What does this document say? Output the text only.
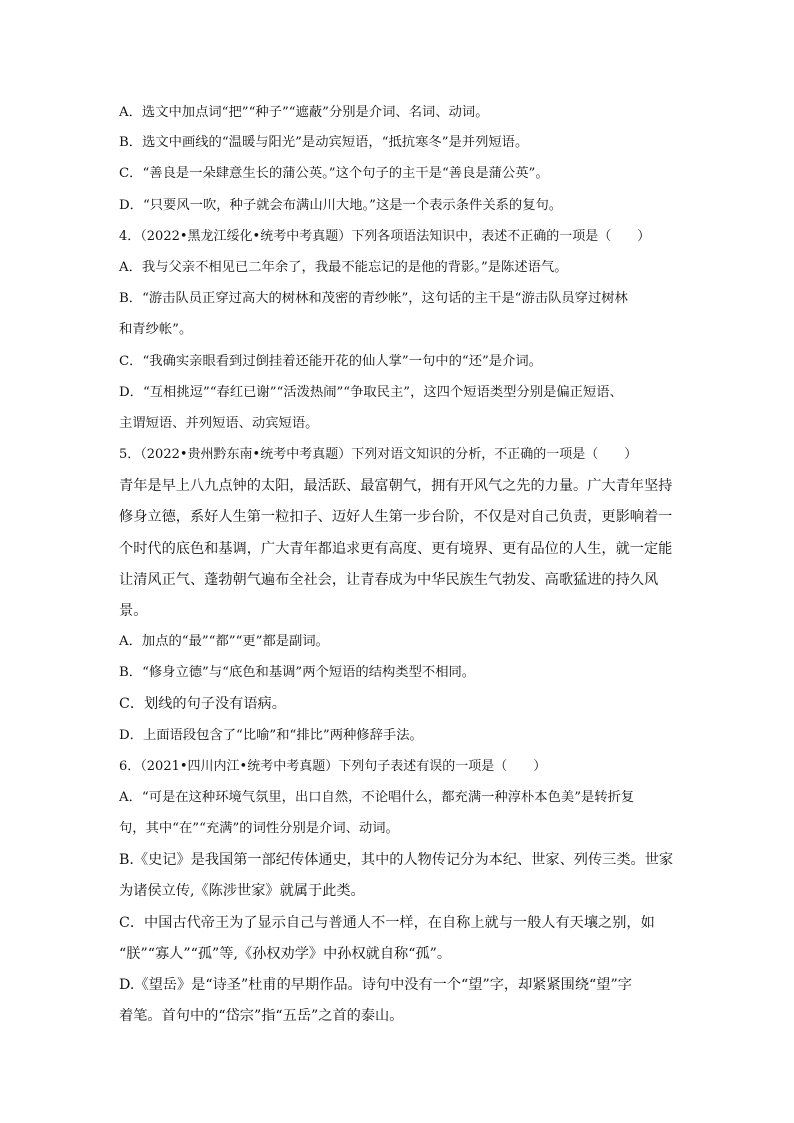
A．选文中加点词“把”“种子”“遮蔽”分别是介词、名词、动词。
B．选文中画线的“温暖与阳光”是动宾短语，“抵抗寒冬”是并列短语。
C．“善良是一朵肆意生长的蒲公英。”这个句子的主干是“善良是蒲公英”。
D．“只要风一吹，种子就会布满山川大地。”这是一个表示条件关系的复句。
4．（2022•黑龙江绥化•统考中考真题）下列各项语法知识中，表述不正确的一项是（　　）
A．我与父亲不相见已二年余了，我最不能忘记的是他的背影。”是陈述语气。
B．“游击队员正穿过高大的树林和茂密的青纱帐”，这句话的主干是“游击队员穿过树林
和青纱帐”。
C．“我确实亲眼看到过倒挂着还能开花的仙人掌”一句中的“还”是介词。
D．“互相挑逗”“春红已谢”“活泼热闹”“争取民主”，这四个短语类型分别是偏正短语、
主谓短语、并列短语、动宾短语。
5．（2022•贵州黔东南•统考中考真题）下列对语文知识的分析，不正确的一项是（　　）
青年是早上八九点钟的太阳，最活跃、最富朝气，拥有开风气之先的力量。广大青年坚持
修身立德，系好人生第一粒扣子、迈好人生第一步台阶，不仅是对自己负责，更影响着一
个时代的底色和基调，广大青年都追求更有高度、更有境界、更有品位的人生，就一定能
让清风正气、蓬勃朝气遍布全社会，让青春成为中华民族生气勃发、高歌猛进的持久风
景。
A．加点的“最”“都”“更”都是副词。
B．“修身立德”与“底色和基调”两个短语的结构类型不相同。
C．划线的句子没有语病。
D．上面语段包含了“比喻”和“排比”两种修辞手法。
6．（2021•四川内江•统考中考真题）下列句子表述有误的一项是（　　）
A．“可是在这种环境气氛里，出口自然，不论唱什么，都充满一种淳朴本色美”是转折复
句，其中“在”“充满”的词性分别是介词、动词。
B.《史记》是我国第一部纪传体通史，其中的人物传记分为本纪、世家、列传三类。世家
为诸侯立传,《陈涉世家》就属于此类。
C．中国古代帝王为了显示自己与普通人不一样，在自称上就与一般人有天壤之别，如
“朕”“寡人”“孤”等,《孙权劝学》中孙权就自称“孤”。
D.《望岳》是“诗圣”杜甫的早期作品。诗句中没有一个“望”字，却紧紧围绕“望”字
着笔。首句中的“岱宗”指“五岳”之首的泰山。
